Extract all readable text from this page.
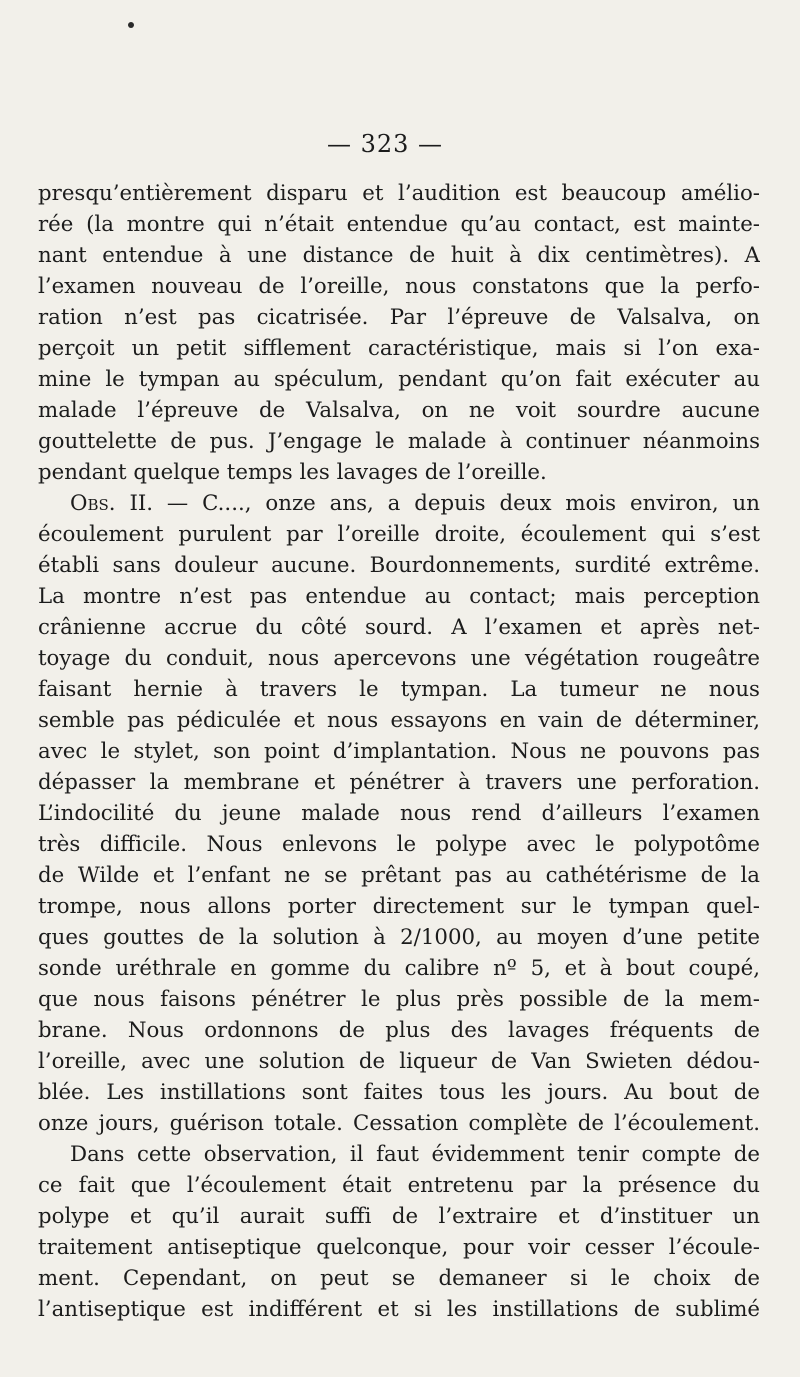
— 323 —
presqu’entièrement disparu et l’audition est beaucoup amélio-
rée (la montre qui n’était entendue qu’au contact, est mainte-
nant entendue à une distance de huit à dix centimètres). A
l’examen nouveau de l’oreille, nous constatons que la perfo-
ration n’est pas cicatrisée. Par l’épreuve de Valsalva, on
perçoit un petit sifflement caractéristique, mais si l’on exa-
mine le tympan au spéculum, pendant qu’on fait exécuter au
malade l’épreuve de Valsalva, on ne voit sourdre aucune
gouttelette de pus. J’engage le malade à continuer néanmoins
pendant quelque temps les lavages de l’oreille.
Obs. II. — C...., onze ans, a depuis deux mois environ, un
écoulement purulent par l’oreille droite, écoulement qui s’est
établi sans douleur aucune. Bourdonnements, surdité extrême.
La montre n’est pas entendue au contact; mais perception
crânienne accrue du côté sourd. A l’examen et après net-
toyage du conduit, nous apercevons une végétation rougeâtre
faisant hernie à travers le tympan. La tumeur ne nous
semble pas pédiculée et nous essayons en vain de déterminer,
avec le stylet, son point d’implantation. Nous ne pouvons pas
dépasser la membrane et pénétrer à travers une perforation.
L’indocilité du jeune malade nous rend d’ailleurs l’examen
très difficile. Nous enlevons le polype avec le polypotôme
de Wilde et l’enfant ne se prêtant pas au cathétérisme de la
trompe, nous allons porter directement sur le tympan quel-
ques gouttes de la solution à 2/1000, au moyen d’une petite
sonde uréthrale en gomme du calibre nº 5, et à bout coupé,
que nous faisons pénétrer le plus près possible de la mem-
brane. Nous ordonnons de plus des lavages fréquents de
l’oreille, avec une solution de liqueur de Van Swieten dédou-
blée. Les instillations sont faites tous les jours. Au bout de
onze jours, guérison totale. Cessation complète de l’écoulement.
Dans cette observation, il faut évidemment tenir compte de
ce fait que l’écoulement était entretenu par la présence du
polype et qu’il aurait suffi de l’extraire et d’instituer un
traitement antiseptique quelconque, pour voir cesser l’écoule-
ment. Cependant, on peut se demaneer si le choix de
l’antiseptique est indifférent et si les instillations de sublimé
